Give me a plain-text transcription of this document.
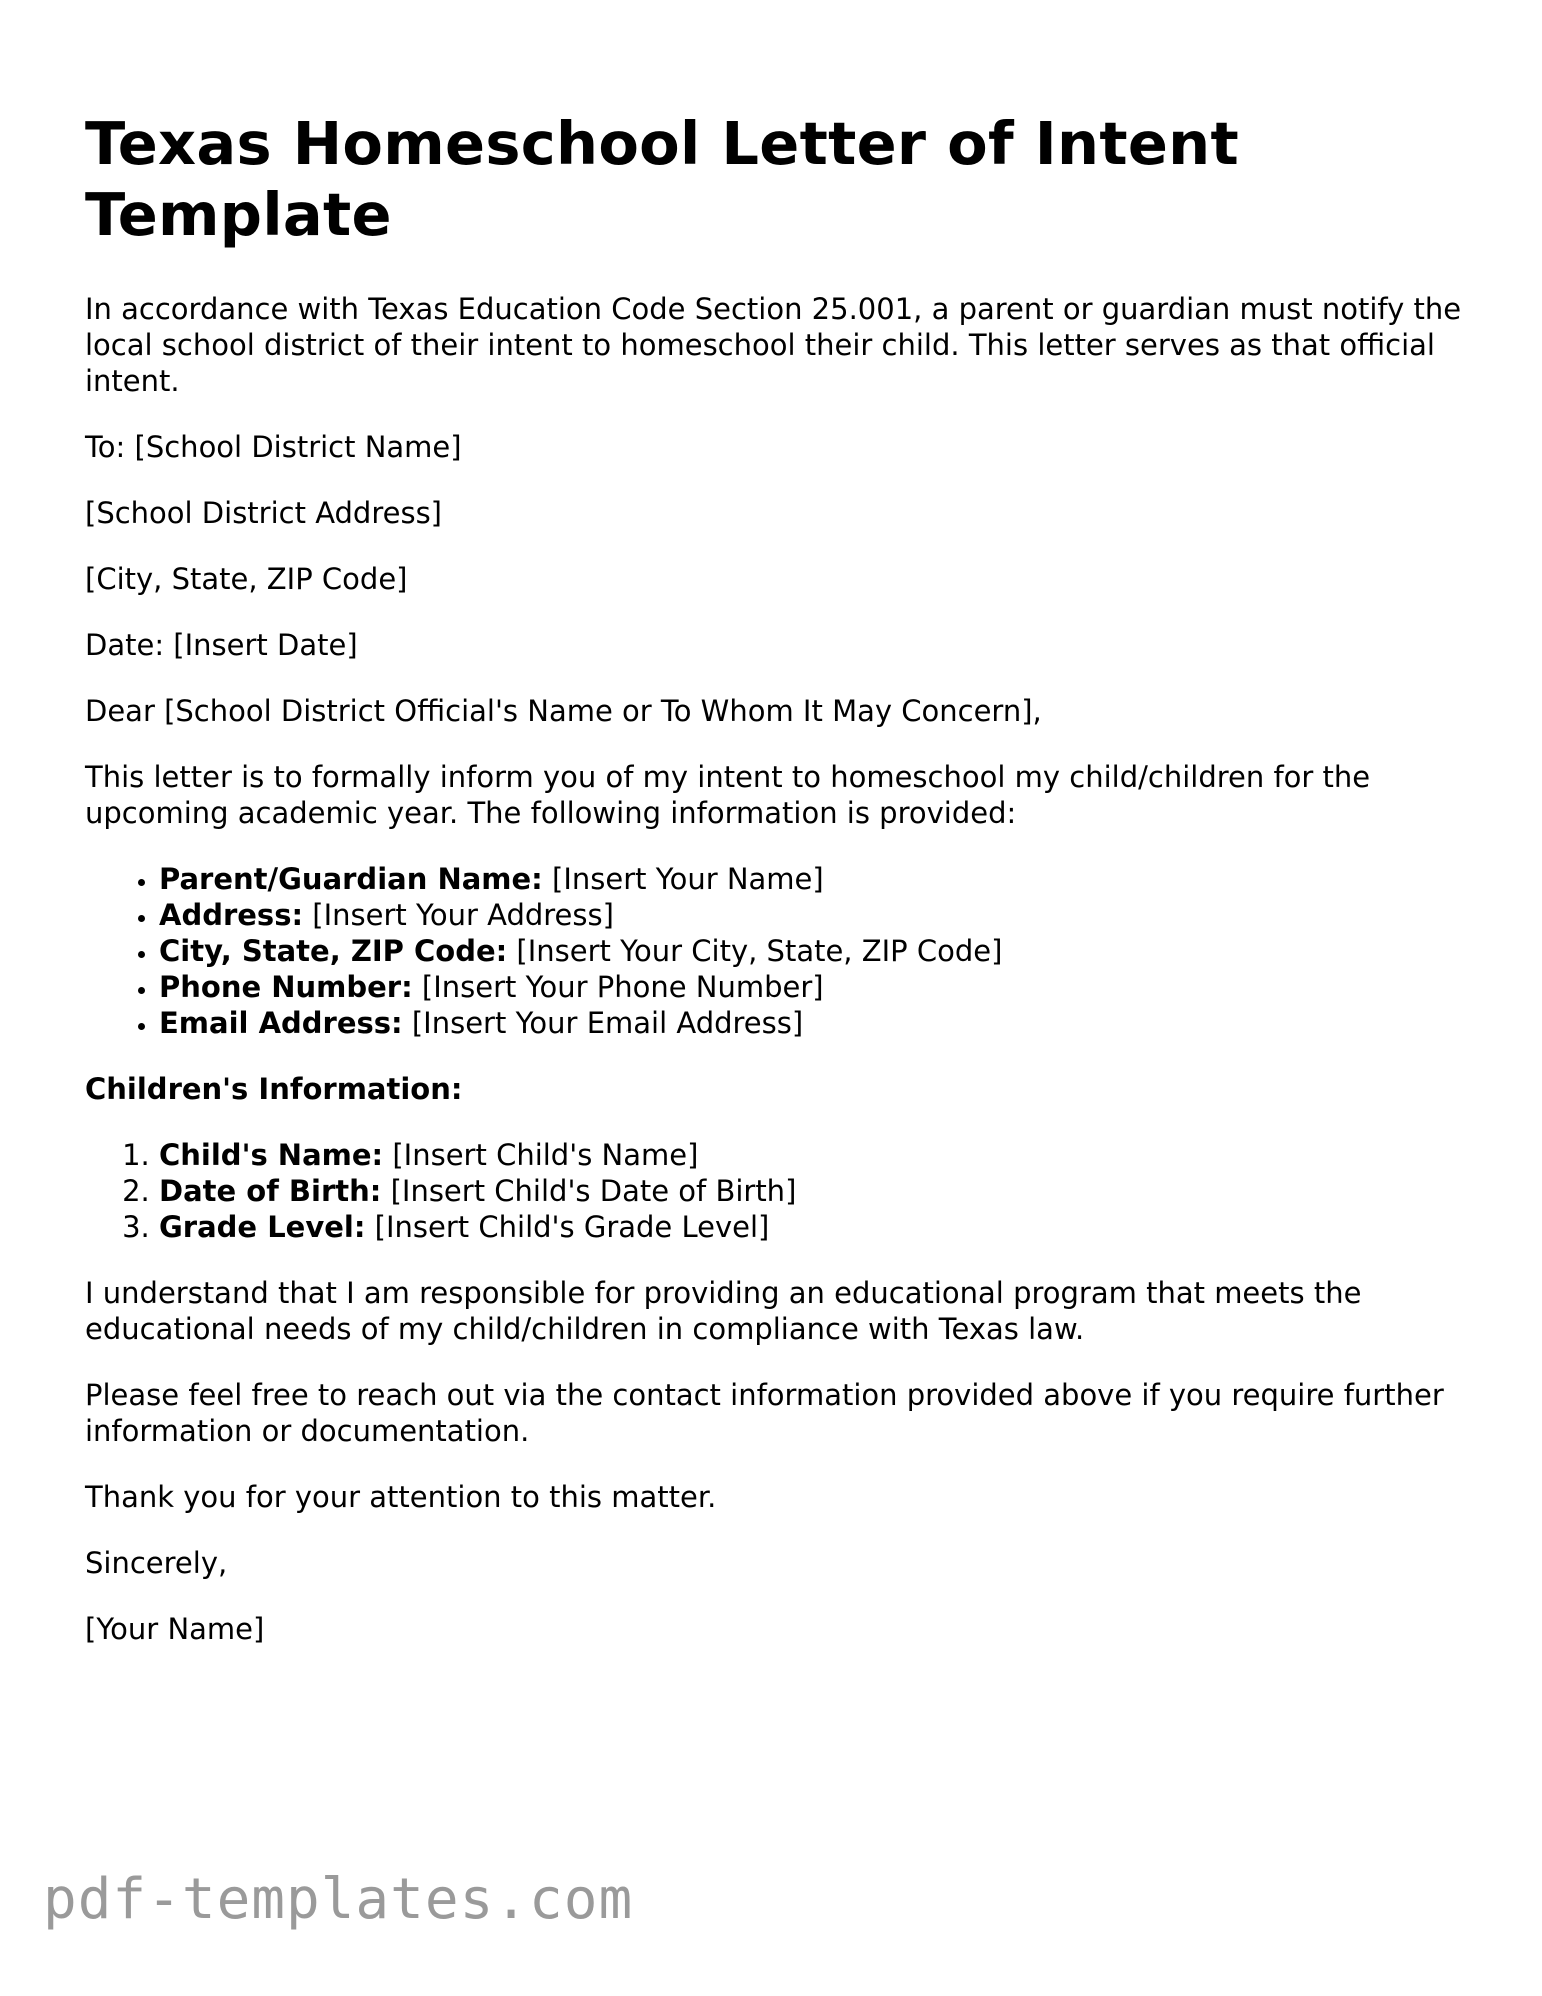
Texas Homeschool Letter of Intent Template

In accordance with Texas Education Code Section 25.001, a parent or guardian must notify the local school district of their intent to homeschool their child. This letter serves as that official intent.

To: [School District Name]

[School District Address]

[City, State, ZIP Code]

Date: [Insert Date]

Dear [School District Official's Name or To Whom It May Concern],

This letter is to formally inform you of my intent to homeschool my child/children for the upcoming academic year. The following information is provided:

• Parent/Guardian Name: [Insert Your Name]
• Address: [Insert Your Address]
• City, State, ZIP Code: [Insert Your City, State, ZIP Code]
• Phone Number: [Insert Your Phone Number]
• Email Address: [Insert Your Email Address]

Children's Information:

1. Child's Name: [Insert Child's Name]
2. Date of Birth: [Insert Child's Date of Birth]
3. Grade Level: [Insert Child's Grade Level]

I understand that I am responsible for providing an educational program that meets the educational needs of my child/children in compliance with Texas law.

Please feel free to reach out via the contact information provided above if you require further information or documentation.

Thank you for your attention to this matter.

Sincerely,

[Your Name]

pdf-templates.com
